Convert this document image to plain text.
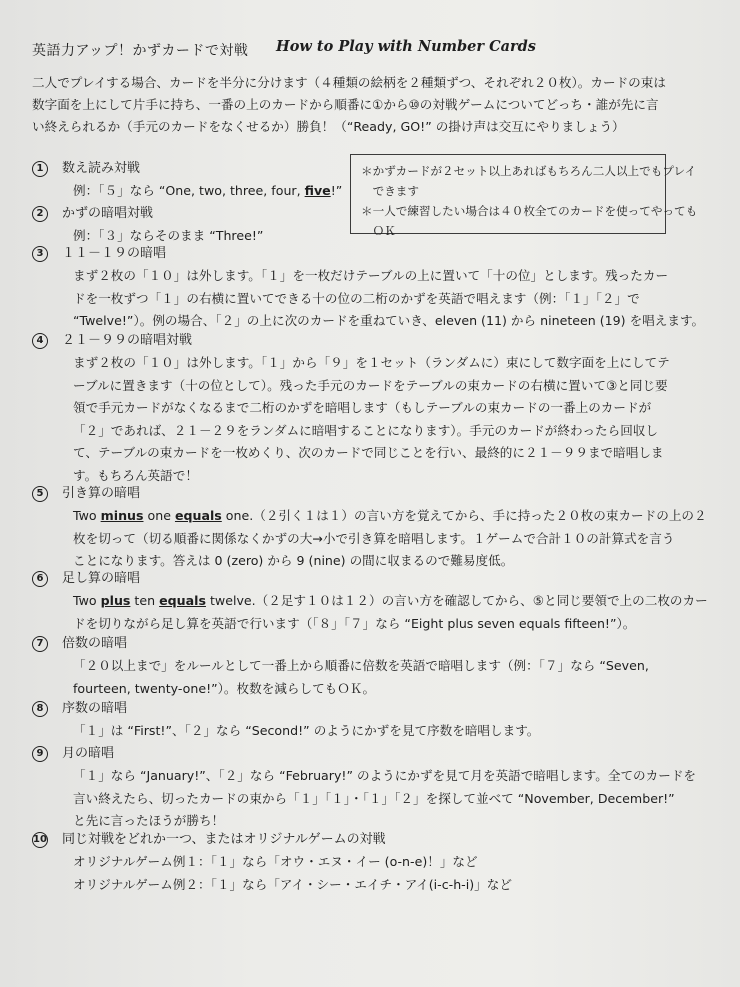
英語力アップ！かずカードで対戦 How to Play with Number Cards
二人でプレイする場合、カードを半分に分けます（４種類の絵柄を２種類ずつ、それぞれ２０枚）。カードの束は
数字面を上にして片手に持ち、一番の上のカードから順番に①から⑩の対戦ゲームについてどっち・誰が先に言
い終えられるか（手元のカードをなくせるか）勝負！（“Ready, GO!” の掛け声は交互にやりましょう）
＊かずカードが２セット以上あればもちろん二人以上でもプレイ
　できます
＊一人で練習したい場合は４０枚全てのカードを使ってやっても
　ＯＫ
1	数え読み対戦

例：「５」なら “One, two, three, four, five!”

2	かずの暗唱対戦

例：「３」ならそのまま “Three!”

3	１１－１９の暗唱

まず２枚の「１０」は外します。「１」を一枚だけテーブルの上に置いて「十の位」とします。残ったカー

ドを一枚ずつ「１」の右横に置いてできる十の位の二桁のかずを英語で唱えます（例：「１」「２」で

“Twelve!”）。例の場合、「２」の上に次のカードを重ねていき、eleven (11) から nineteen (19) を唱えます。

4	２１－９９の暗唱対戦

まず２枚の「１０」は外します。「１」から「９」を１セット（ランダムに）束にして数字面を上にしてテ

ーブルに置きます（十の位として）。残った手元のカードをテーブルの束カードの右横に置いて③と同じ要

領で手元カードがなくなるまで二桁のかずを暗唱します（もしテーブルの束カードの一番上のカードが

「２」であれば、２１－２９をランダムに暗唱することになります）。手元のカードが終わったら回収し

て、テーブルの束カードを一枚めくり、次のカードで同じことを行い、最終的に２１－９９まで暗唱しま

す。もちろん英語で！

5	引き算の暗唱

Two minus one equals one.（２引く１は１）の言い方を覚えてから、手に持った２０枚の束カードの上の２

枚を切って（切る順番に関係なくかずの大→小で引き算を暗唱します。１ゲームで合計１０の計算式を言う

ことになります。答えは 0 (zero) から 9 (nine) の間に収まるので難易度低。

6	足し算の暗唱

Two plus ten equals twelve.（２足す１０は１２）の言い方を確認してから、⑤と同じ要領で上の二枚のカー

ドを切りながら足し算を英語で行います（「８」「７」なら “Eight plus seven equals fifteen!”）。

7	倍数の暗唱

「２０以上まで」をルールとして一番上から順番に倍数を英語で暗唱します（例：「７」なら “Seven,

fourteen, twenty-one!”）。枚数を減らしてもＯＫ。

8	序数の暗唱

「１」は “First!”、「２」なら “Second!” のようにかずを見て序数を暗唱します。

9	月の暗唱

「１」なら “January!”、「２」なら “February!” のようにかずを見て月を英語で暗唱します。全てのカードを

言い終えたら、切ったカードの束から「１」「１」・「１」「２」を探して並べて “November, December!”

と先に言ったほうが勝ち！

10 同じ対戦をどれか一つ、またはオリジナルゲームの対戦

オリジナルゲーム例１：「１」なら「オウ・エヌ・イー (o-n-e)！」など

オリジナルゲーム例２：「１」なら「アイ・シー・エイチ・アイ(i-c-h-i)」など
